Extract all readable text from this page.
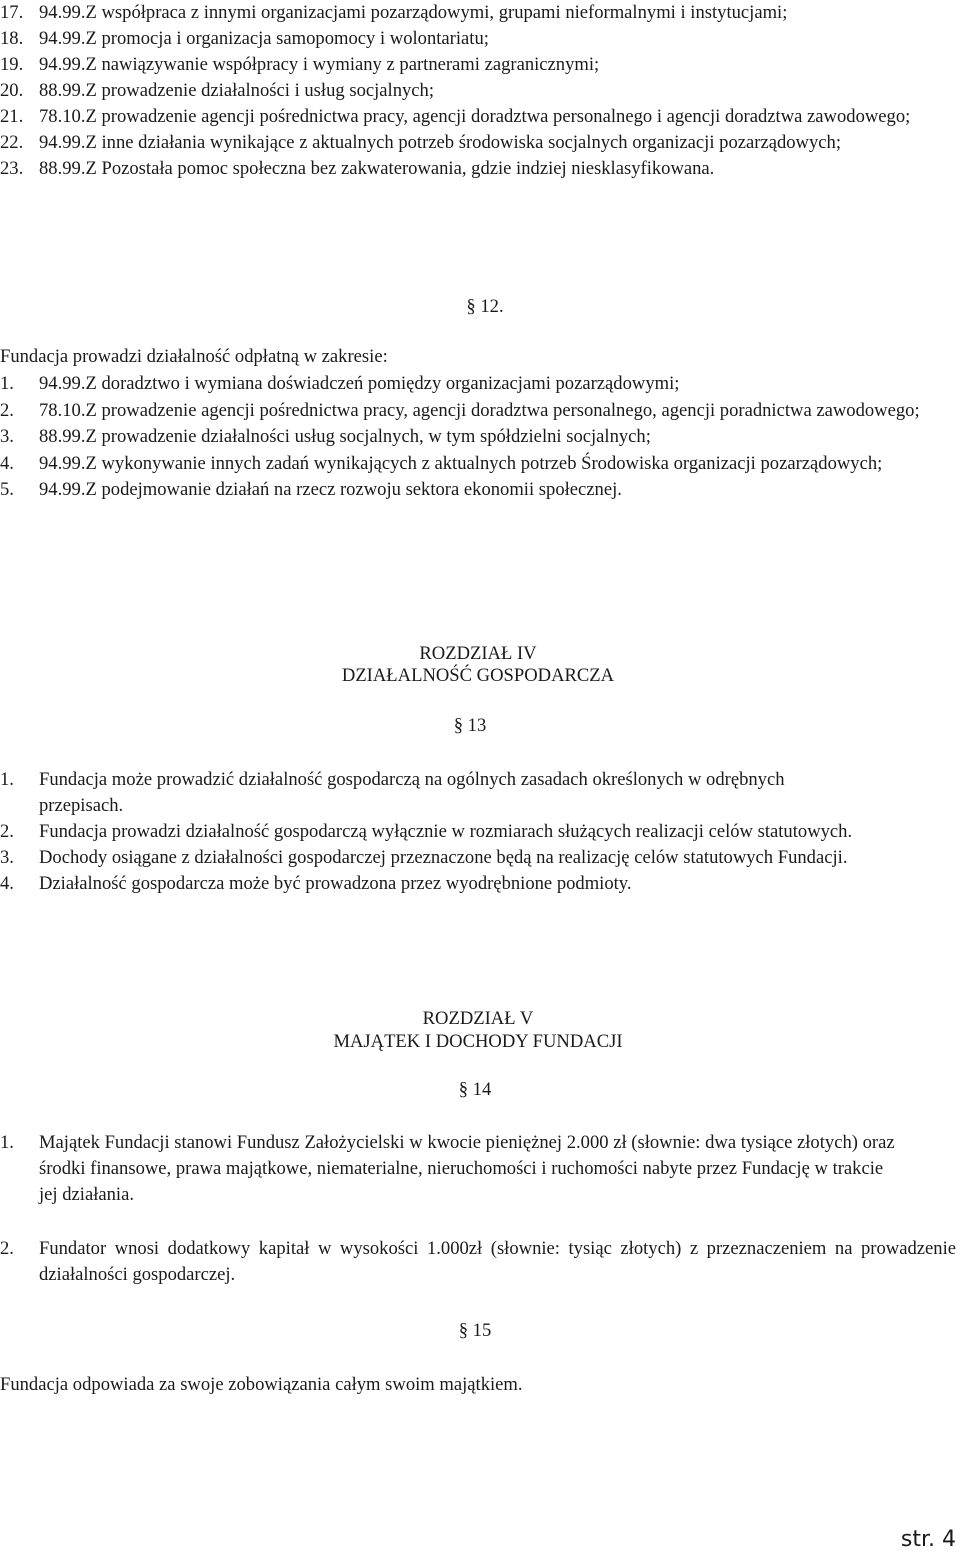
17. 94.99.Z współpraca z innymi organizacjami pozarządowymi, grupami nieformalnymi i instytucjami;
18. 94.99.Z promocja i organizacja samopomocy i wolontariatu;
19. 94.99.Z nawiązywanie współpracy i wymiany z partnerami zagranicznymi;
20. 88.99.Z prowadzenie działalności i usług socjalnych;
21. 78.10.Z prowadzenie agencji pośrednictwa pracy, agencji doradztwa personalnego i agencji doradztwa zawodowego;
22. 94.99.Z inne działania wynikające z aktualnych potrzeb środowiska socjalnych organizacji pozarządowych;
23. 88.99.Z Pozostała pomoc społeczna bez zakwaterowania, gdzie indziej niesklasyfikowana.
§ 12.
Fundacja prowadzi działalność odpłatną w zakresie:
1.	94.99.Z doradztwo i wymiana doświadczeń pomiędzy organizacjami pozarządowymi;
2.	78.10.Z prowadzenie agencji pośrednictwa pracy, agencji doradztwa personalnego, agencji poradnictwa zawodowego;
3.	88.99.Z prowadzenie działalności usług socjalnych, w tym spółdzielni socjalnych;
4.	94.99.Z wykonywanie innych zadań wynikających z aktualnych potrzeb Środowiska organizacji pozarządowych;
5.	94.99.Z podejmowanie działań na rzecz rozwoju sektora ekonomii społecznej.
ROZDZIAŁ IV
DZIAŁALNOŚĆ GOSPODARCZA
§ 13
1.	Fundacja może prowadzić działalność gospodarczą na ogólnych zasadach określonych w odrębnych przepisach.
2.	Fundacja prowadzi działalność gospodarczą wyłącznie w rozmiarach służących realizacji celów statutowych.
3.	Dochody osiągane z działalności gospodarczej przeznaczone będą na realizację celów statutowych Fundacji.
4.	Działalność gospodarcza może być prowadzona przez wyodrębnione podmioty.
ROZDZIAŁ V
MAJĄTEK I DOCHODY FUNDACJI
§ 14
1.	Majątek Fundacji stanowi Fundusz Założycielski w kwocie pieniężnej 2.000 zł (słownie: dwa tysiące złotych) oraz środki finansowe, prawa majątkowe, niematerialne, nieruchomości i ruchomości nabyte przez Fundację w trakcie jej działania.
2.	Fundator wnosi dodatkowy kapitał w wysokości 1.000zł (słownie: tysiąc złotych) z przeznaczeniem na prowadzenie działalności gospodarczej.
§ 15
Fundacja odpowiada za swoje zobowiązania całym swoim majątkiem.
str. 4
